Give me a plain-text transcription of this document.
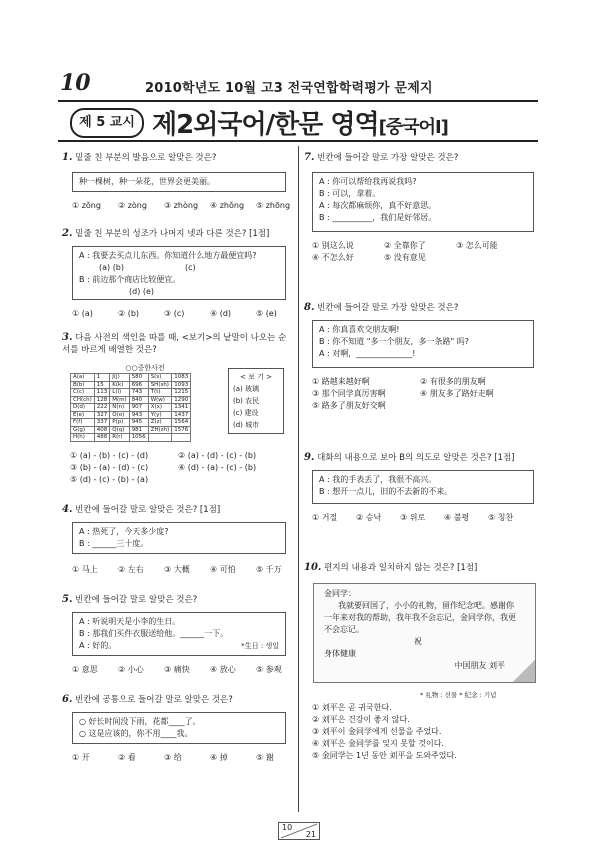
10	2010학년도 10월 고3 전국연합학력평가 문제지
제 5 교시 제2외국어/한문 영역[중국어Ⅰ]
1. 밑줄 친 부분의 발음으로 알맞은 것은?
种一棵树，种一朵花，世界会更美丽。
① zǒng ② zòng ③ zhòng ④ zhǒng ⑤ zhōng
2. 밑줄 친 부분의 성조가 나머지 넷과 다른 것은? [1점]
A : 我要去买点儿东西。你知道什么地方最便宜吗?
(a) (b)                        (c)
B : 前边那个商店比较便宜。
(d) (e)
① (a)	② (b)	③ (c)	④ (d)	⑤ (e)
3. 다음 사전의 색인을 따를 때, <보기>의 낱말이 나오는 순서를 바르게 배열한 것은?
○○중한사전
A(a)	1	J(j)	580	S(s)	1083
B(b)	15	K(k)	696	SH(sh)	1093
C(c)	113	L(l)	743	T(t)	1215
CH(ch)	128	M(m)	840	W(w)	1290
D(d)	222	N(n)	907	X(x)	1341
E(e)	327	O(o)	943	Y(y)	1437
F(f)	337	P(p)	945	Z(z)	1564
G(g)	408	Q(q)	981	ZH(zh)	1576
H(h)	488	R(r)	1056		
< 보 기 >
(a) 玻璃
(b) 农民
(c) 建设
(d) 城市
① (a) - (b) - (c) - (d)	② (a) - (d) - (c) - (b)
③ (b) - (a) - (d) - (c)	④ (d) - (a) - (c) - (b)
⑤ (d) - (c) - (b) - (a)
4. 빈칸에 들어갈 말로 알맞은 것은? [1점]
A : 热死了，今天多少度?
B : ______三十度。
① 马上	② 左右	③ 大概	④ 可怕	⑤ 千万
5. 빈칸에 들어갈 말로 알맞은 것은?
A : 听说明天是小李的生日。
B : 那我们买件衣服送给他。______一下。
A : 好的。	*生日 : 생일
① 意思	② 小心	③ 痛快	④ 放心	⑤ 参观
6. 빈칸에 공통으로 들어갈 말로 알맞은 것은?
○ 好长时间没下雨，花都____了。
○ 这是应该的，你不用____我。
① 开	② 看	③ 给	④ 掉	⑤ 谢
7. 빈칸에 들어갈 말로 가장 알맞은 것은?
A : 你可以帮给我再说我吗?
B : 可以，拿着。
A : 每次都麻烦你，真不好意思。
B : __________，我们是好邻居。
① 别这么说	② 全靠你了	③ 怎么可能
④ 不怎么好	⑤ 没有意见
8. 빈칸에 들어갈 말로 가장 알맞은 것은?
A : 你真喜欢交朋友啊!
B : 你不知道 "多一个朋友，多一条路" 吗?
A : 对啊，______________!
① 路越来越好啊	② 有很多的朋友啊
③ 那个同学真厉害啊	④ 朋友多了路好走啊
⑤ 路多了朋友好交啊
9. 대화의 내용으로 보아 B의 의도로 알맞은 것은? [1점]
A : 我的手表丢了，我很不高兴。
B : 想开一点儿，旧的不去新的不来。
① 거절 ② 승낙 ③ 위로 ④ 불평 ⑤ 칭찬
10. 편지의 내용과 일치하지 않는 것은? [1점]
金同学：
我就要回国了，小小的礼物，留作纪念吧。感谢你
一年来对我的帮助，我年我不会忘记，金同学你，我更
不会忘记。
祝
身体健康
中国朋友 刘平
* 礼物 : 선물 * 纪念 : 기념
① 刘平은 곧 귀국한다.
② 刘平은 건강이 좋지 않다.
③ 刘平이 金同学에게 선물을 주었다.
④ 刘平은 金同学를 잊지 못할 것이다.
⑤ 金同学는 1년 동안 刘平을 도와주었다.
10
21
